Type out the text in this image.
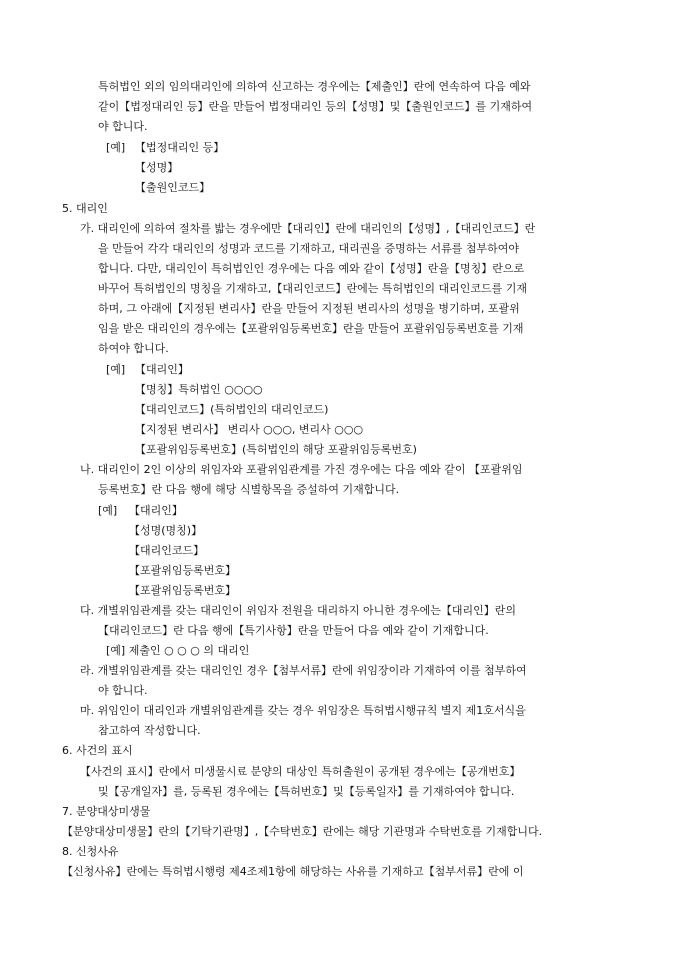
특허법인 외의 임의대리인에 의하여 신고하는 경우에는【제출인】란에 연속하여 다음 예와
같이【법정대리인 등】란을 만들어 법정대리인 등의【성명】및【출원인코드】를 기재하여
야 합니다.
[예] 【법정대리인 등】
【성명】
【출원인코드】
5. 대리인
가. 대리인에 의하여 절차를 밟는 경우에만【대리인】란에 대리인의【성명】,【대리인코드】란
을 만들어 각각 대리인의 성명과 코드를 기재하고, 대리권을 증명하는 서류를 첨부하여야
합니다. 다만, 대리인이 특허법인인 경우에는 다음 예와 같이【성명】란을【명칭】란으로
바꾸어 특허법인의 명칭을 기재하고,【대리인코드】란에는 특허법인의 대리인코드를 기재
하며, 그 아래에【지정된 변리사】란을 만들어 지정된 변리사의 성명을 병기하며, 포괄위
임을 받은 대리인의 경우에는【포괄위임등록번호】란을 만들어 포괄위임등록번호를 기재
하여야 합니다.
[예] 【대리인】
【명칭】특허법인 ○○○○
【대리인코드】(특허법인의 대리인코드)
【지정된 변리사】 변리사 ○○○, 변리사 ○○○
【포괄위임등록번호】(특허법인의 해당 포괄위임등록번호)
나. 대리인이 2인 이상의 위임자와 포괄위임관계를 가진 경우에는 다음 예와 같이 【포괄위임
등록번호】란 다음 행에 해당 식별항목을 증설하여 기재합니다.
[예] 【대리인】
【성명(명칭)】
【대리인코드】
【포괄위임등록번호】
【포괄위임등록번호】
다. 개별위임관계를 갖는 대리인이 위임자 전원을 대리하지 아니한 경우에는【대리인】란의
【대리인코드】란 다음 행에【특기사항】란을 만들어 다음 예와 같이 기재합니다.
[예] 제출인 ○ ○ ○ 의 대리인
라. 개별위임관계를 갖는 대리인인 경우【첨부서류】란에 위임장이라 기재하여 이를 첨부하여
야 합니다.
마. 위임인이 대리인과 개별위임관계를 갖는 경우 위임장은 특허법시행규칙 별지 제1호서식을
참고하여 작성합니다.
6. 사건의 표시
【사건의 표시】란에서 미생물시료 분양의 대상인 특허출원이 공개된 경우에는【공개번호】
및【공개일자】를, 등록된 경우에는【특허번호】및【등록일자】를 기재하여야 합니다.
7. 분양대상미생물
【분양대상미생물】란의【기탁기관명】,【수탁번호】란에는 해당 기관명과 수탁번호를 기재합니다.
8. 신청사유
【신청사유】란에는 특허법시행령 제4조제1항에 해당하는 사유를 기재하고【첨부서류】란에 이
